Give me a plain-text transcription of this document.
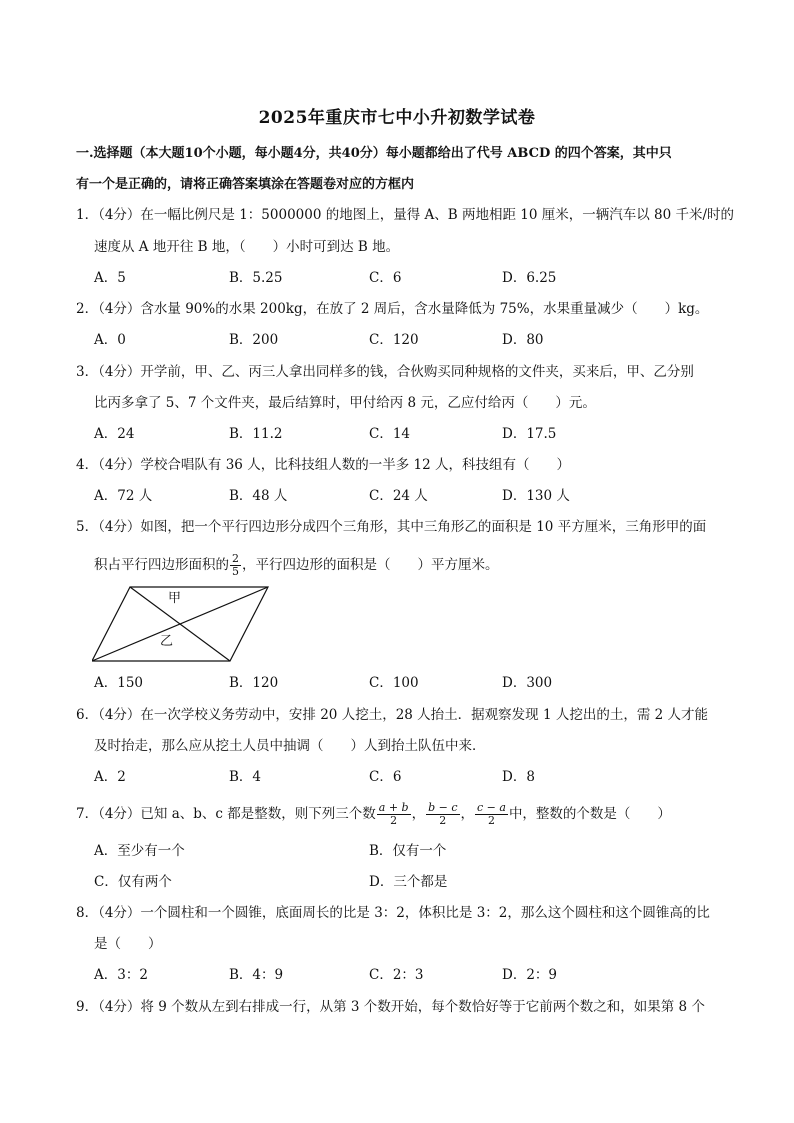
2025年重庆市七中小升初数学试卷
一.选择题（本大题10个小题，每小题4分，共40分）每小题都给出了代号 ABCD 的四个答案，其中只
有一个是正确的，请将正确答案填涂在答题卷对应的方框内
1．（4分）在一幅比例尺是 1：5000000 的地图上，量得 A、B 两地相距 10 厘米，一辆汽车以 80 千米/时的
速度从 A 地开往 B 地，（　　）小时可到达 B 地。
A．5	B．5.25	C．6	D．6.25
2．（4分）含水量 90%的水果 200kg，在放了 2 周后，含水量降低为 75%，水果重量减少（　　）kg。
A．0	B．200	C．120	D．80
3．（4分）开学前，甲、乙、丙三人拿出同样多的钱，合伙购买同种规格的文件夹，买来后，甲、乙分别
比丙多拿了 5、7 个文件夹，最后结算时，甲付给丙 8 元，乙应付给丙（　　）元。
A．24	B．11.2	C．14	D．17.5
4．（4分）学校合唱队有 36 人，比科技组人数的一半多 12 人，科技组有（　　）
A．72 人	B．48 人	C．24 人	D．130 人
5．（4分）如图，把一个平行四边形分成四个三角形，其中三角形乙的面积是 10 平方厘米，三角形甲的面
积占平行四边形面积的 $\frac{2}{5}$ ，平行四边形的面积是（　　）平方厘米。
甲
乙
A．150	B．120	C．100	D．300
6．（4分）在一次学校义务劳动中，安排 20 人挖土，28 人抬土．据观察发现 1 人挖出的土，需 2 人才能
及时抬走，那么应从挖土人员中抽调（　　）人到抬土队伍中来．
A．2	B．4	C．6	D．8
7．（4分）已知 a、b、c 都是整数，则下列三个数 $\frac{a + b}{2}$ ， $\frac{b - c}{2}$ ， $\frac{c - a}{2}$ 中，整数的个数是（　　）
A．至少有一个	B．仅有一个
C．仅有两个	D．三个都是
8．（4分）一个圆柱和一个圆锥，底面周长的比是 3：2，体积比是 3：2，那么这个圆柱和这个圆锥高的比
是（　　）
A．3：2	B．4：9	C．2：3	D．2：9
9．（4分）将 9 个数从左到右排成一行，从第 3 个数开始，每个数恰好等于它前两个数之和，如果第 8 个
